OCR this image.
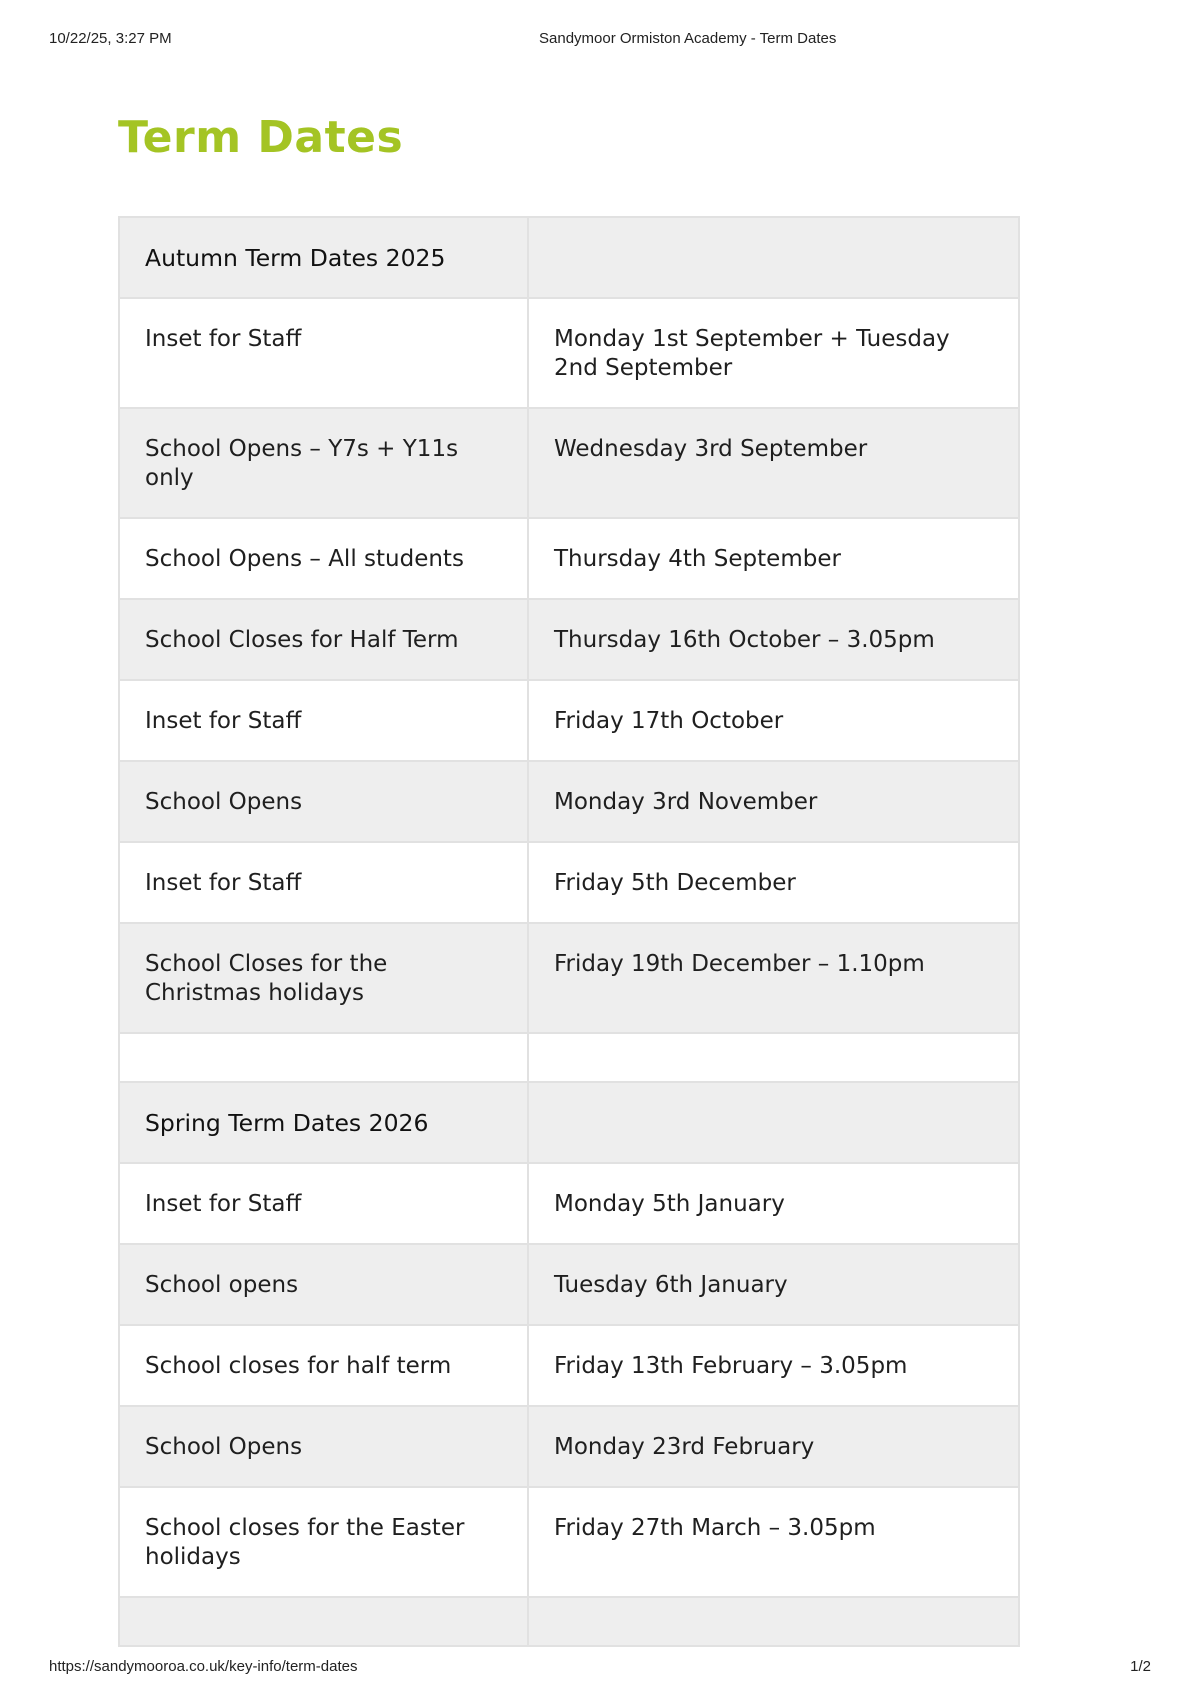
10/22/25, 3:27 PM	Sandymoor Ormiston Academy - Term Dates
Term Dates
Autumn Term Dates 2025	
Inset for Staff	Monday 1st September + Tuesday 2nd September
School Opens – Y7s + Y11s only	Wednesday 3rd September
School Opens – All students	Thursday 4th September
School Closes for Half Term	Thursday 16th October – 3.05pm
Inset for Staff	Friday 17th October
School Opens	Monday 3rd November
Inset for Staff	Friday 5th December
School Closes for the Christmas holidays	Friday 19th December – 1.10pm

Spring Term Dates 2026	
Inset for Staff	Monday 5th January
School opens	Tuesday 6th January
School closes for half term	Friday 13th February – 3.05pm
School Opens	Monday 23rd February
School closes for the Easter holidays	Friday 27th March – 3.05pm

https://sandymooroa.co.uk/key-info/term-dates	1/2
